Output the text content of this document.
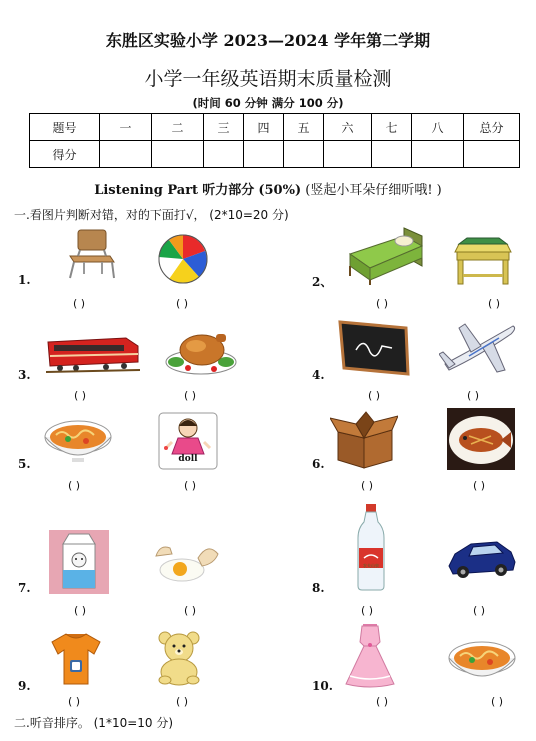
东胜区实验小学 2023—2024 学年第二学期
小学一年级英语期末质量检测
(时间 60 分钟 满分 100 分)
题号	一	二	三	四	五	六	七	八	总分
得分									
Listening Part 听力部分 (50%) (竖起小耳朵仔细听哦! )
一.看图片判断对错，对的下面打√， (2*10=20 分)
1.	2、
3.	4.
5.	6.
7.	8.
9.	10.
( )	( )	( )	( )
( )	( )	( )	( )
( )	( )	( )	( )
( )	( )	( )	( )
( )	( )	( )	( )
doll
农夫山泉
二.听音排序。 (1*10=10 分)
